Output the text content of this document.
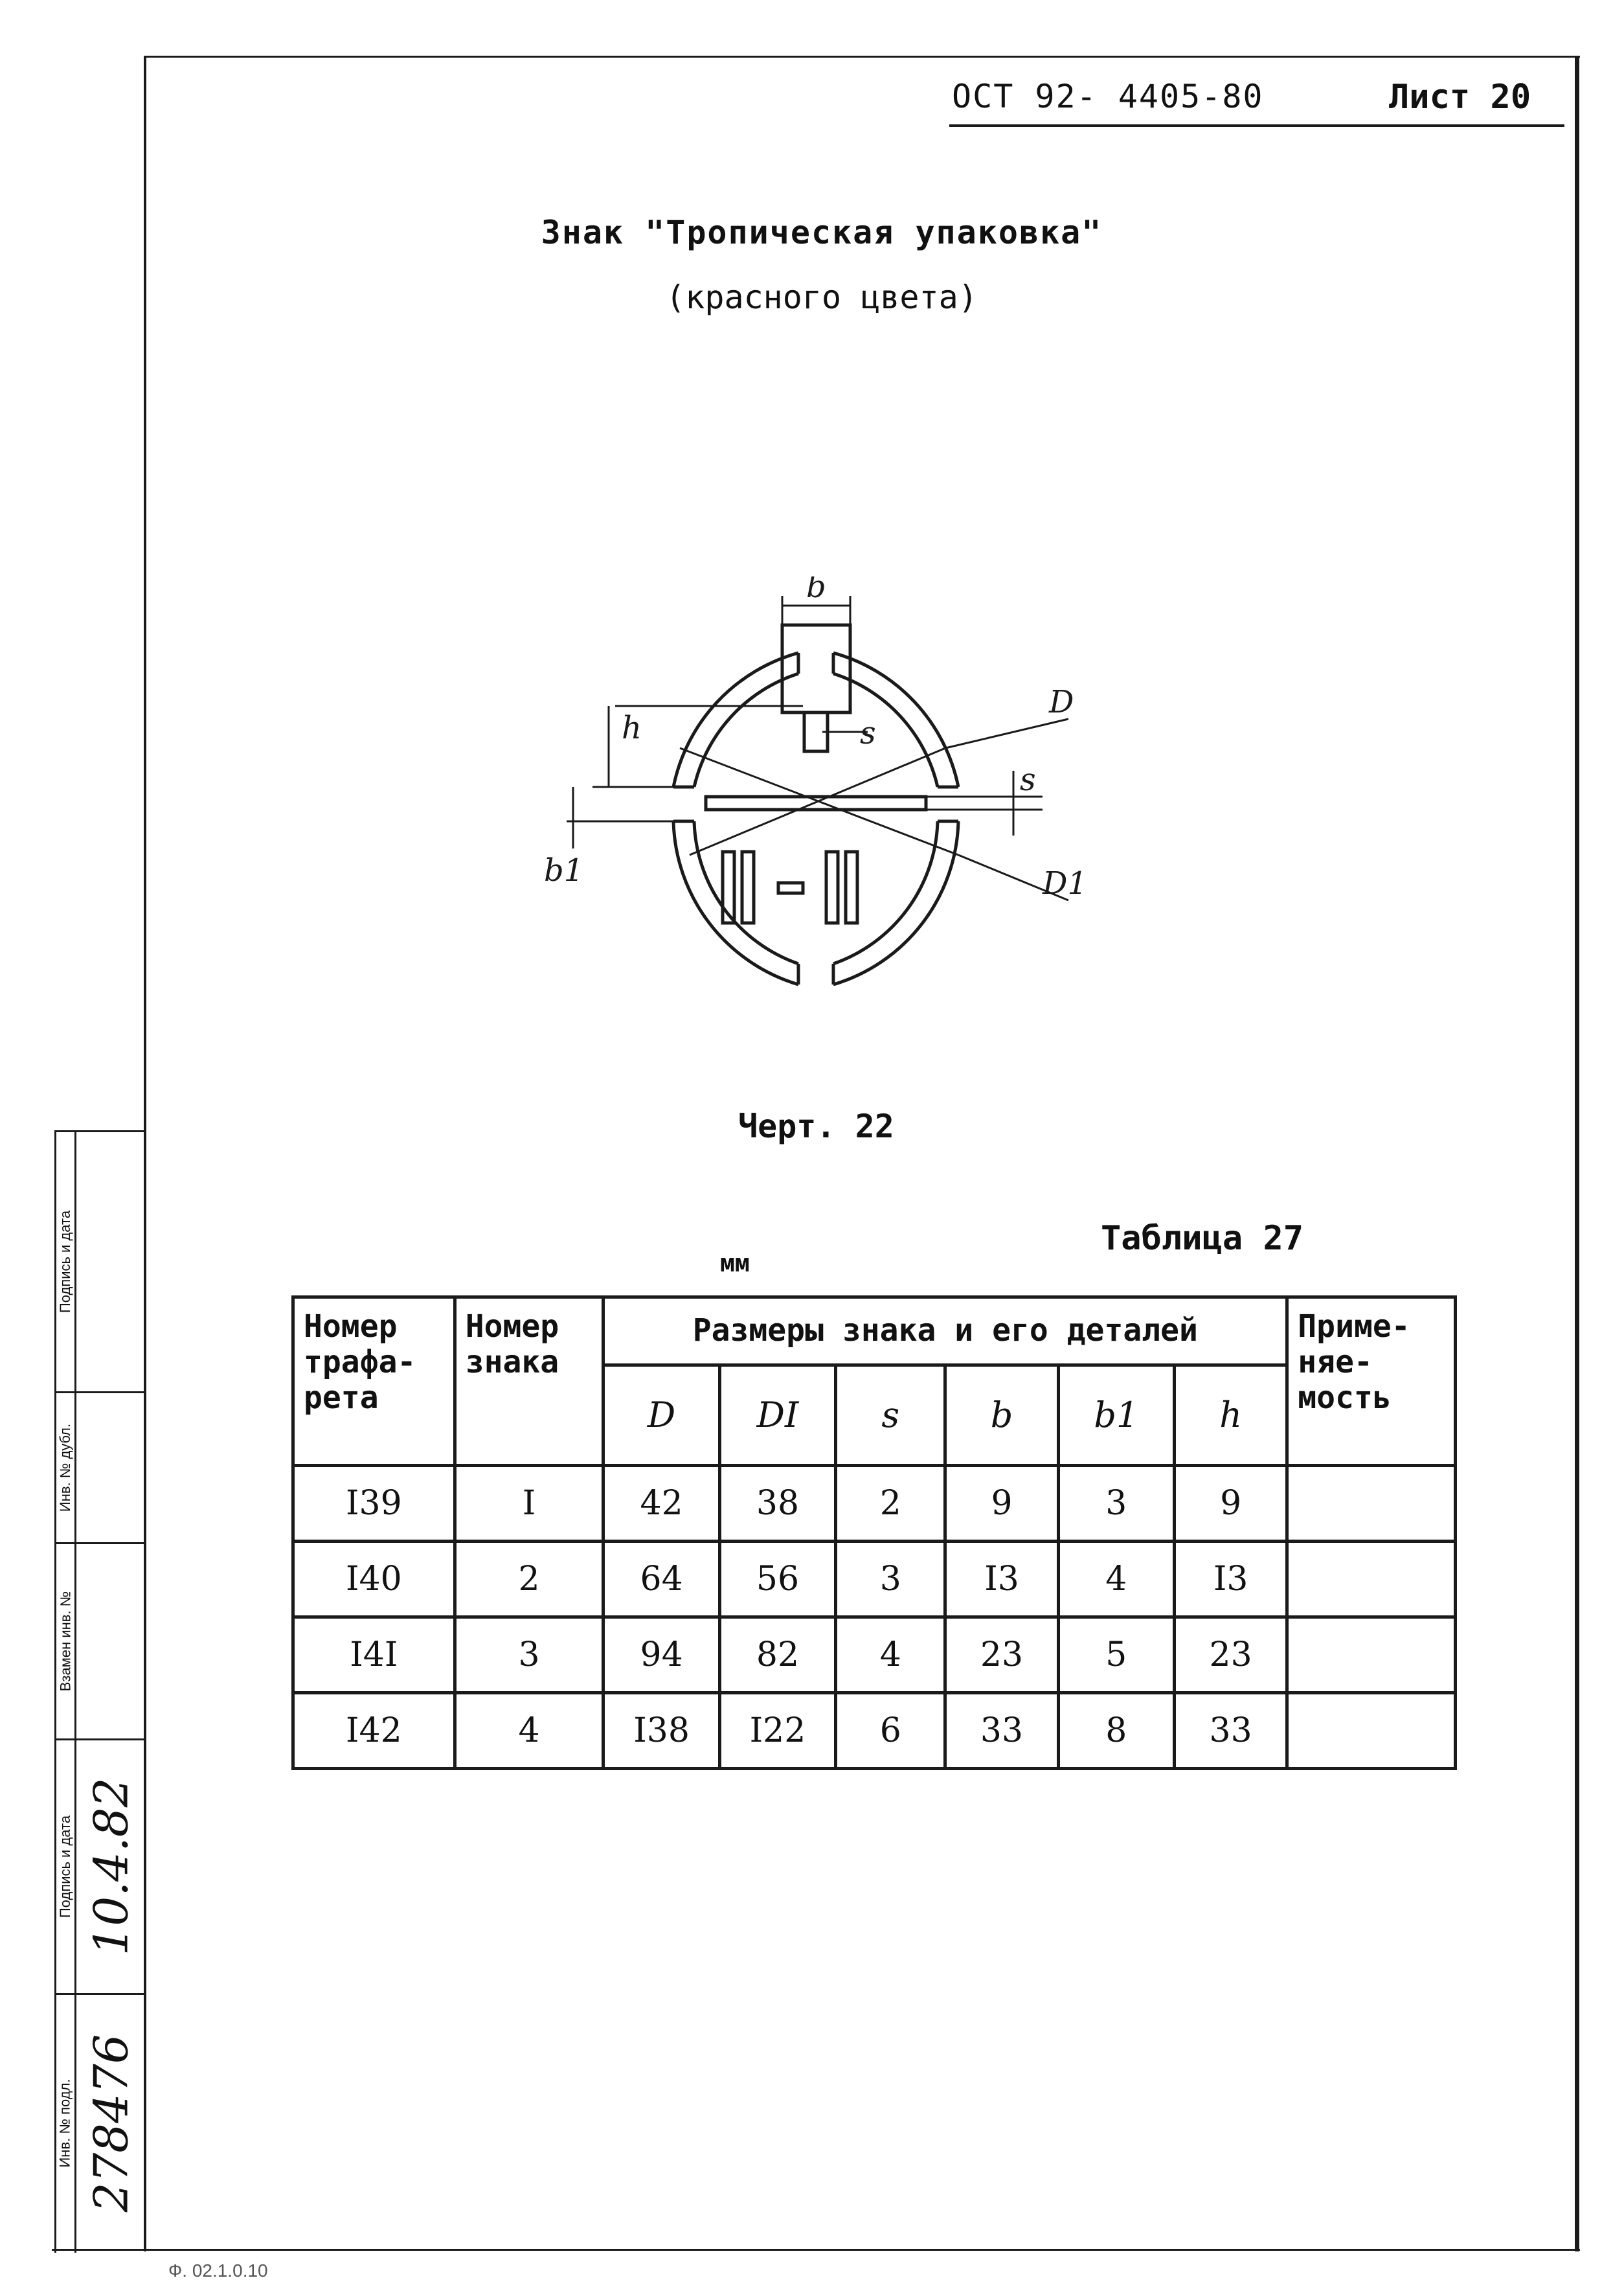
ОСТ 92- 4405-80	Лист 20
Знак "Тропическая упаковка"
(красного цвета)
b
s
D
h
b1
s
D1
Черт. 22
Таблица 27
мм
Номер трафа- рета	Номер знака	Размеры знака и его деталей						Приме- няе- мость
		D	DI	s	b	b1	h	
I39	I	42	38	2	9	3	9	
I40	2	64	56	3	I3	4	I3	
I4I	3	94	82	4	23	5	23	
I42	4	I38	I22	6	33	8	33	
Подпись и дата
Инв. № дубл.
Взамен инв. №
Подпись и дата 10.4.82
Инв. № подл. 278476
Ф. 02.1.0.10
